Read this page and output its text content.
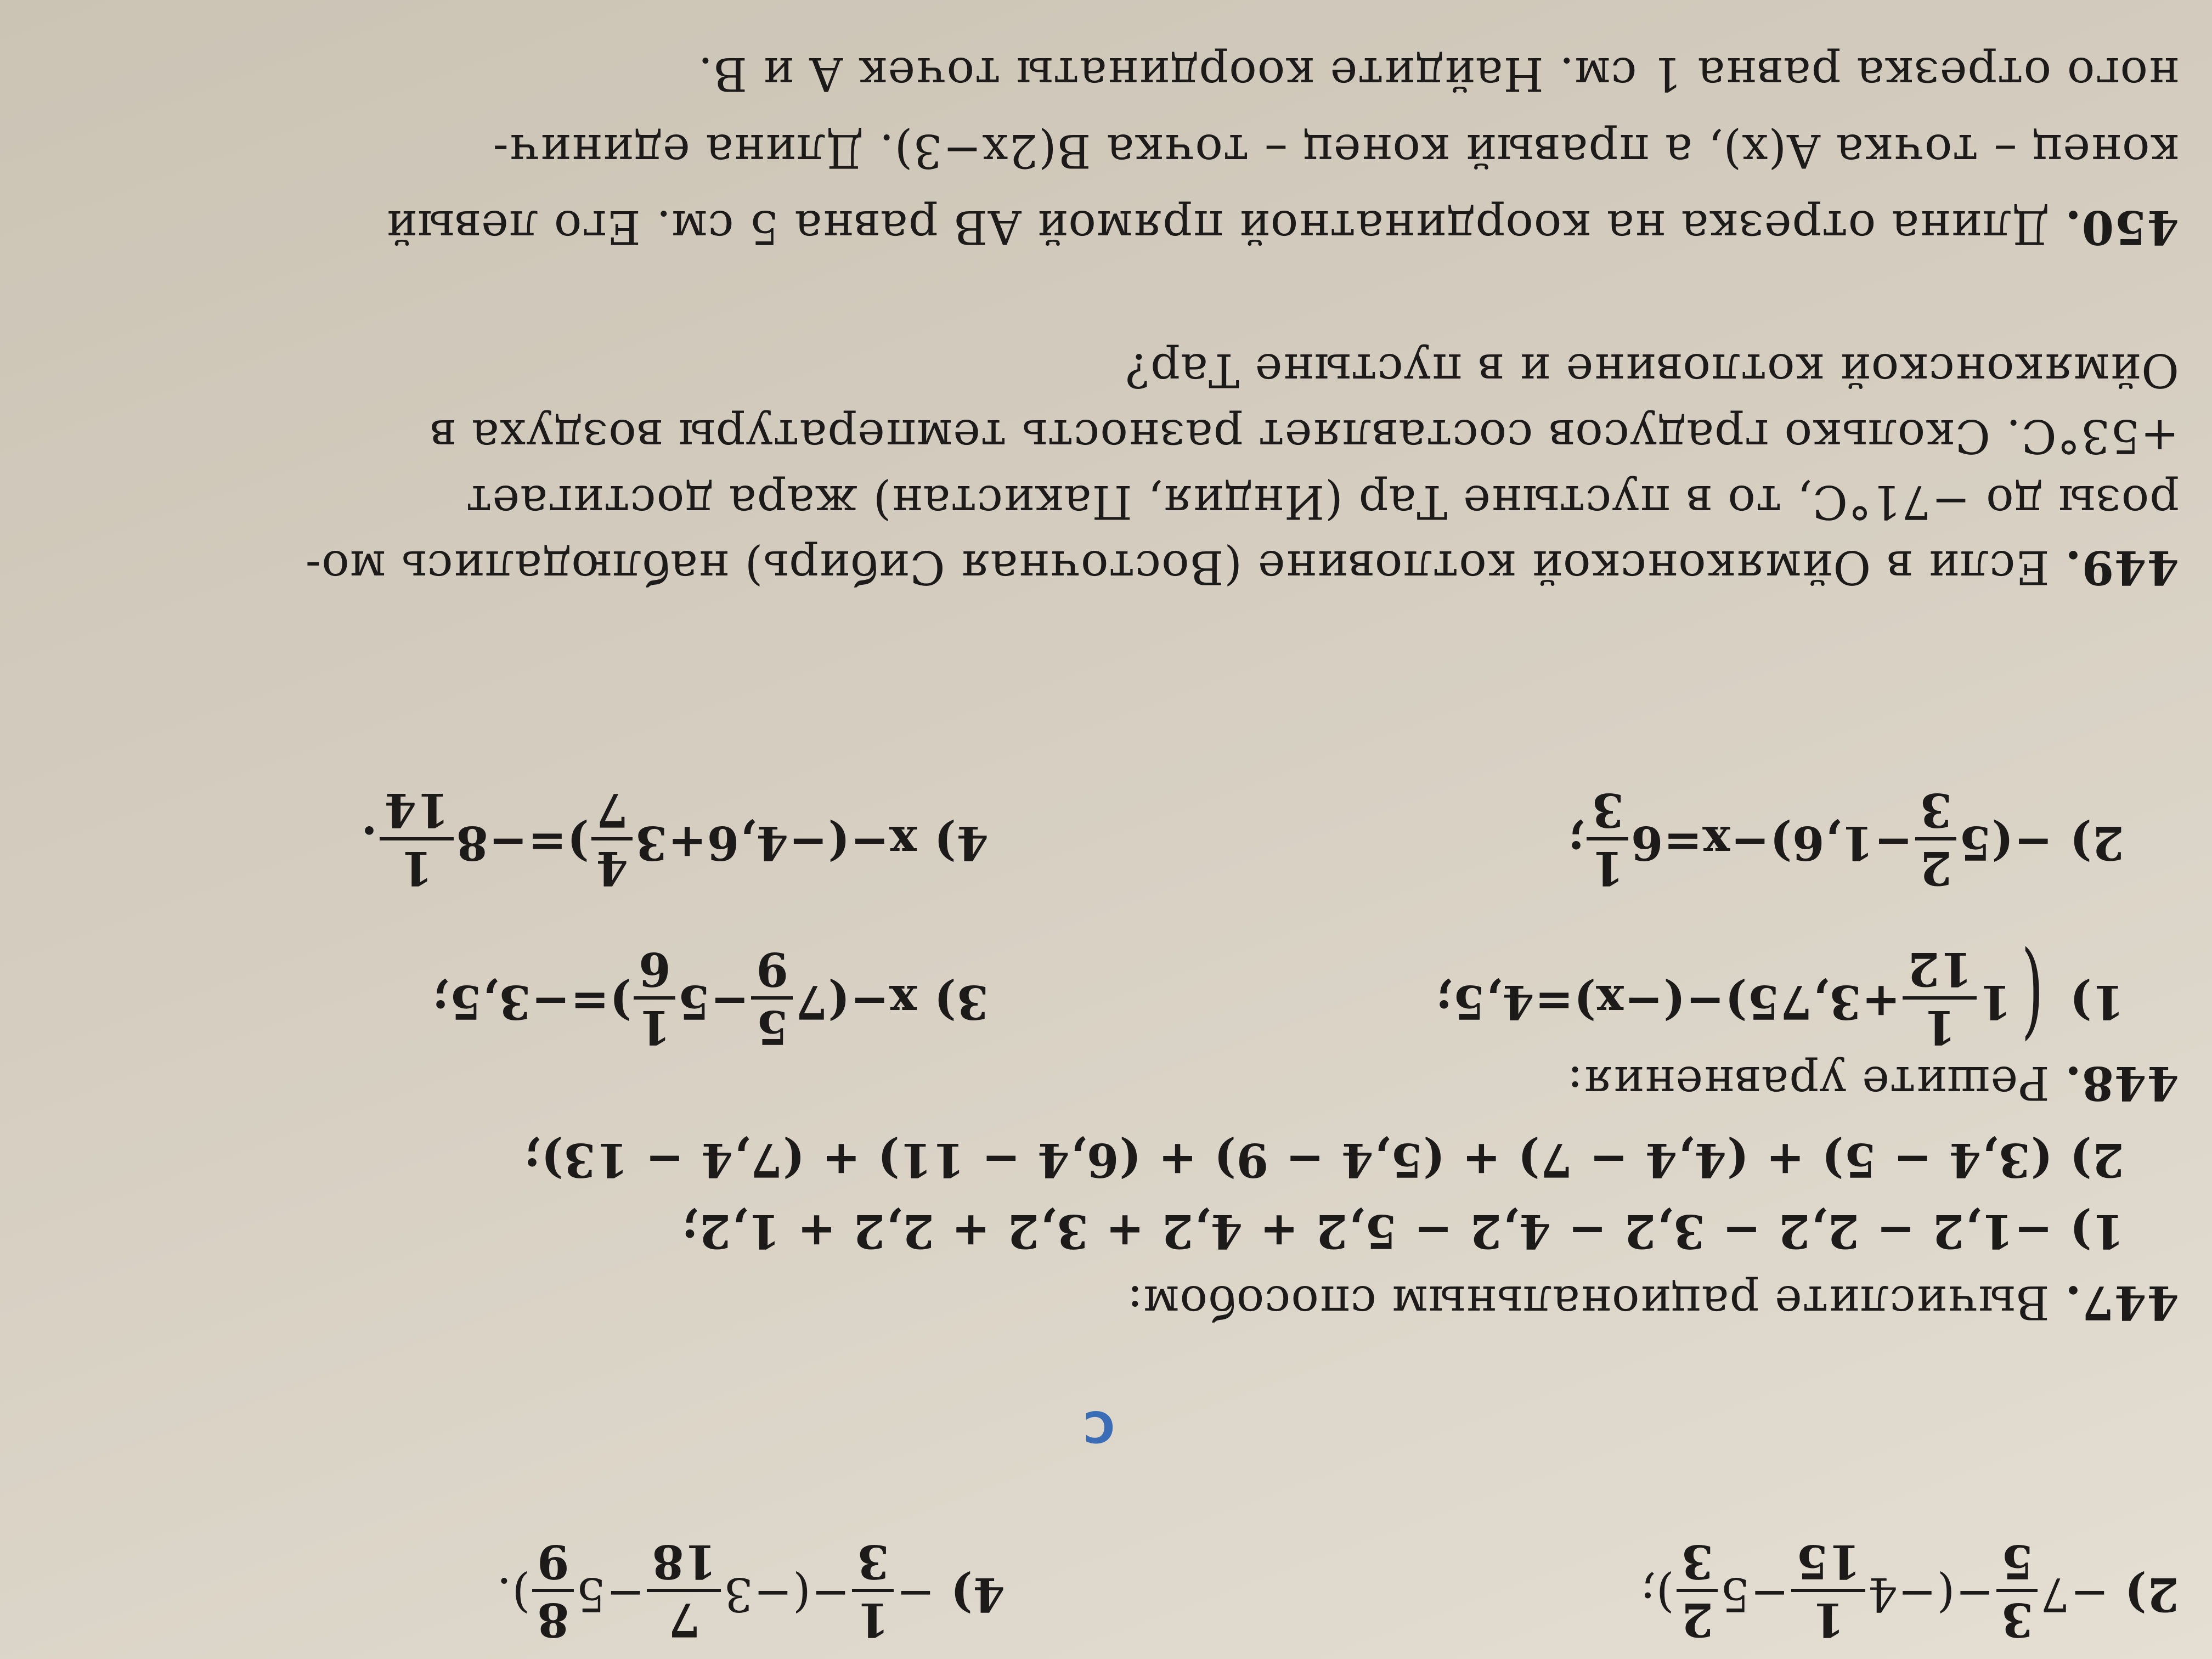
2) −7
3
5
−(−4
1
15
−5
2
3
);
4) −
1
3
−(−3
7
18
−5
8
9
).
C
447. Вычислите рациональным способом:
1) −1,2 − 2,2 − 3,2 − 4,2 − 5,2 + 4,2 + 3,2 + 2,2 + 1,2;
2) (3,4 − 5) + (4,4 − 7) + (5,4 − 9) + (6,4 − 11) + (7,4 − 13);
448. Решите уравнения:
1) (1
1
12
+3,75)−(−x)=4,5;
3) x−(7
5
9
−5
1
6
)=−3,5;
2) −(5
2
3
−1,6)−x=6
1
3
;
4) x−(−4,6+3
4
7
)=−8
1
14
.
449. Если в Оймяконской котловине (Восточная Сибирь) наблюдались мо-
розы до −71°С, то в пустыне Тар (Индия, Пакистан) жара достигает
+53°С. Сколько градусов составляет разность температуры воздуха в
Оймяконской котловине и в пустыне Тар?
450. Длина отрезка на координатной прямой AB равна 5 см. Его левый
конец – точка A(x), а правый конец – точка B(2x−3). Длина единич-
ного отрезка равна 1 см. Найдите координаты точек A и B.
